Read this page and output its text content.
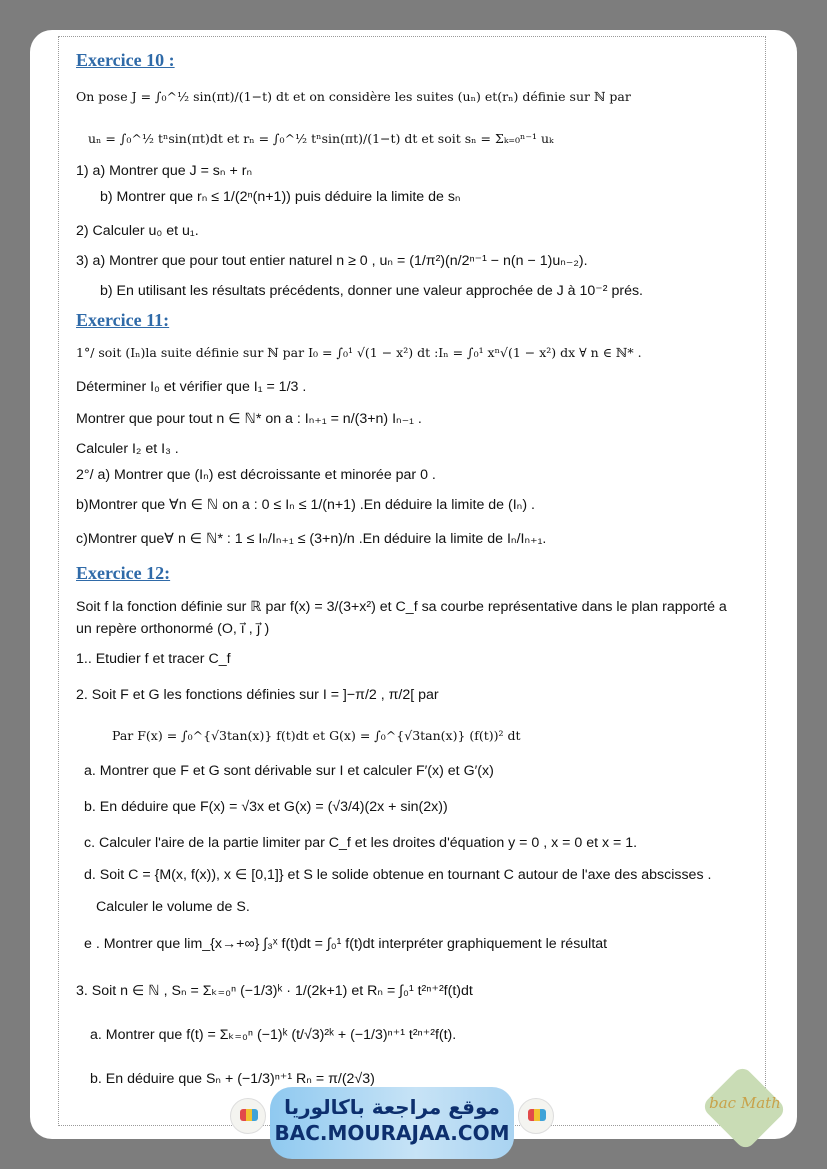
Exercice 10 :
On pose J = ∫₀^½ sin(πt)/(1−t) dt et on considère les suites (uₙ) et(rₙ) définie sur ℕ par
uₙ = ∫₀^½ tⁿsin(πt)dt et rₙ = ∫₀^½ tⁿsin(πt)/(1−t) dt et soit sₙ = Σₖ₌₀ⁿ⁻¹ uₖ
1) a) Montrer que J = sₙ + rₙ
b) Montrer que rₙ ≤ 1/(2ⁿ(n+1)) puis déduire la limite de sₙ
2) Calculer u₀ et u₁.
3) a) Montrer que pour tout entier naturel n ≥ 0 , uₙ = (1/π²)(n/2ⁿ⁻¹ − n(n − 1)uₙ₋₂).
b) En utilisant les résultats précédents, donner une valeur approchée de J à 10⁻² prés.
Exercice 11:
1°/ soit (Iₙ)la suite définie sur ℕ par I₀ = ∫₀¹ √(1 − x²) dt :Iₙ = ∫₀¹ xⁿ√(1 − x²) dx ∀ n ∈ ℕ* .
Déterminer I₀ et vérifier que I₁ = 1/3 .
Montrer que pour tout n ∈ ℕ* on a : Iₙ₊₁ = n/(3+n) Iₙ₋₁ .
Calculer I₂ et I₃ .
2°/ a) Montrer que (Iₙ) est décroissante et minorée par 0 .
b)Montrer que ∀n ∈ ℕ on a : 0 ≤ Iₙ ≤ 1/(n+1) .En déduire la limite de (Iₙ) .
c)Montrer que∀ n ∈ ℕ* : 1 ≤ Iₙ/Iₙ₊₁ ≤ (3+n)/n .En déduire la limite de Iₙ/Iₙ₊₁.
Exercice 12:
Soit f la fonction définie sur ℝ par f(x) = 3/(3+x²) et C_f sa courbe représentative dans le plan rapporté a
un repère orthonormé (O, i⃗ , j⃗ )
1.. Etudier f et tracer C_f
2. Soit F et G les fonctions définies sur I = ]−π/2 , π/2[ par
Par F(x) = ∫₀^{√3tan(x)} f(t)dt et G(x) = ∫₀^{√3tan(x)} (f(t))² dt
a. Montrer que F et G sont dérivable sur I et calculer F′(x) et G′(x)
b. En déduire que F(x) = √3x et G(x) = (√3/4)(2x + sin(2x))
c. Calculer l'aire de la partie limiter par C_f et les droites d'équation y = 0 , x = 0 et x = 1.
d. Soit C = {M(x, f(x)), x ∈ [0,1]} et S le solide obtenue en tournant C autour de l'axe des abscisses .
Calculer le volume de S.
e . Montrer que lim_{x→+∞} ∫₃ˣ f(t)dt = ∫₀¹ f(t)dt interpréter graphiquement le résultat
3. Soit n ∈ ℕ , Sₙ = Σₖ₌₀ⁿ (−1/3)ᵏ · 1/(2k+1) et Rₙ = ∫₀¹ t²ⁿ⁺²f(t)dt
a. Montrer que f(t) = Σₖ₌₀ⁿ (−1)ᵏ (t/√3)²ᵏ + (−1/3)ⁿ⁺¹ t²ⁿ⁺²f(t).
b. En déduire que Sₙ + (−1/3)ⁿ⁺¹ Rₙ = π/(2√3)
موقع مراجعة باكالوريا
BAC.MOURAJAA.COM
bac Math
